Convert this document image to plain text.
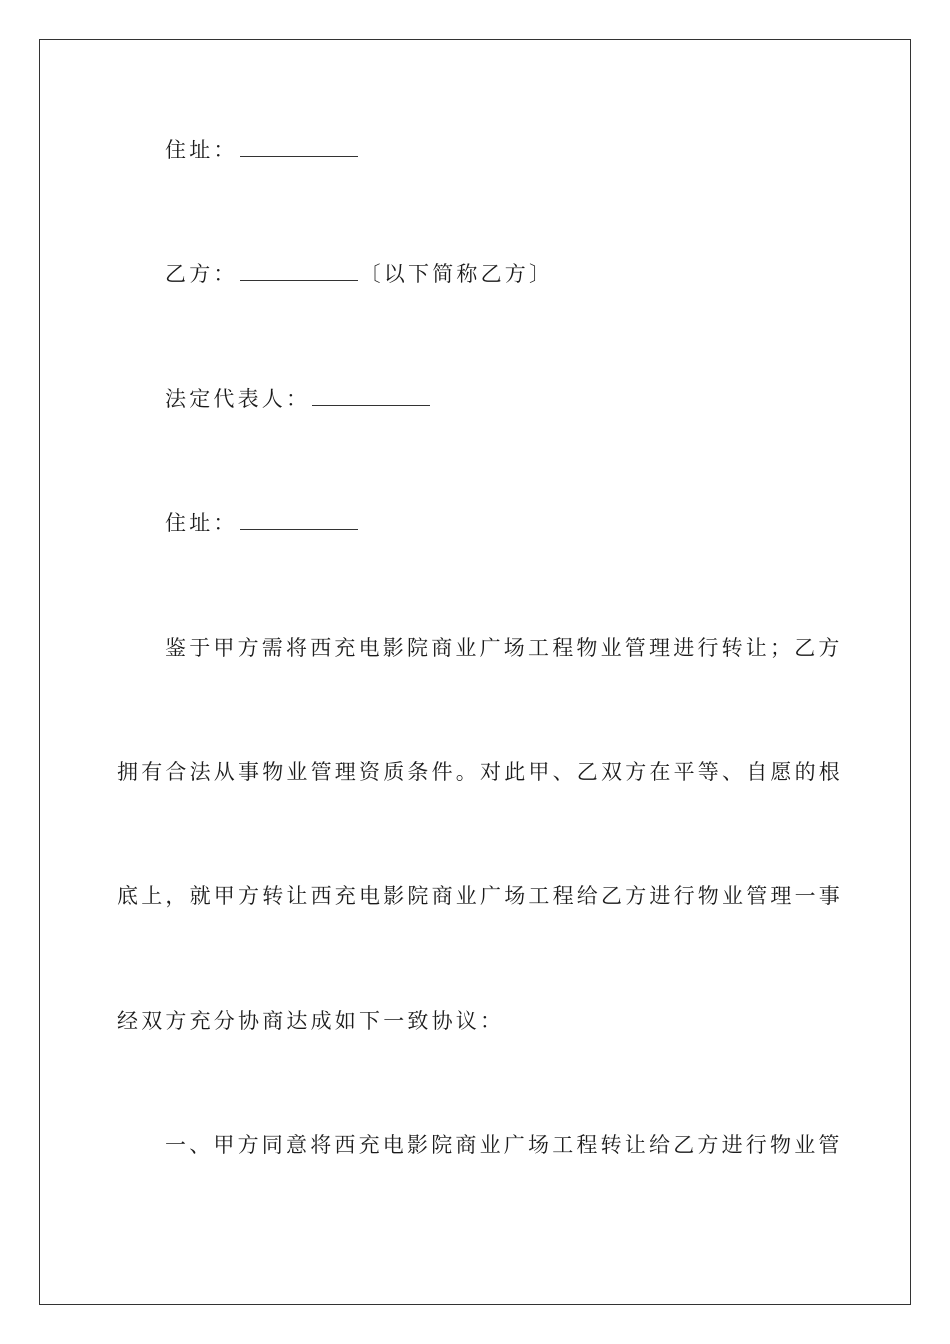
住址：
乙方：	〔以下简称乙方〕
法定代表人：
住址：
鉴于甲方需将西充电影院商业广场工程物业管理进行转让；乙方
拥有合法从事物业管理资质条件。对此甲、乙双方在平等、自愿的根
底上，就甲方转让西充电影院商业广场工程给乙方进行物业管理一事
经双方充分协商达成如下一致协议：
一、甲方同意将西充电影院商业广场工程转让给乙方进行物业管
